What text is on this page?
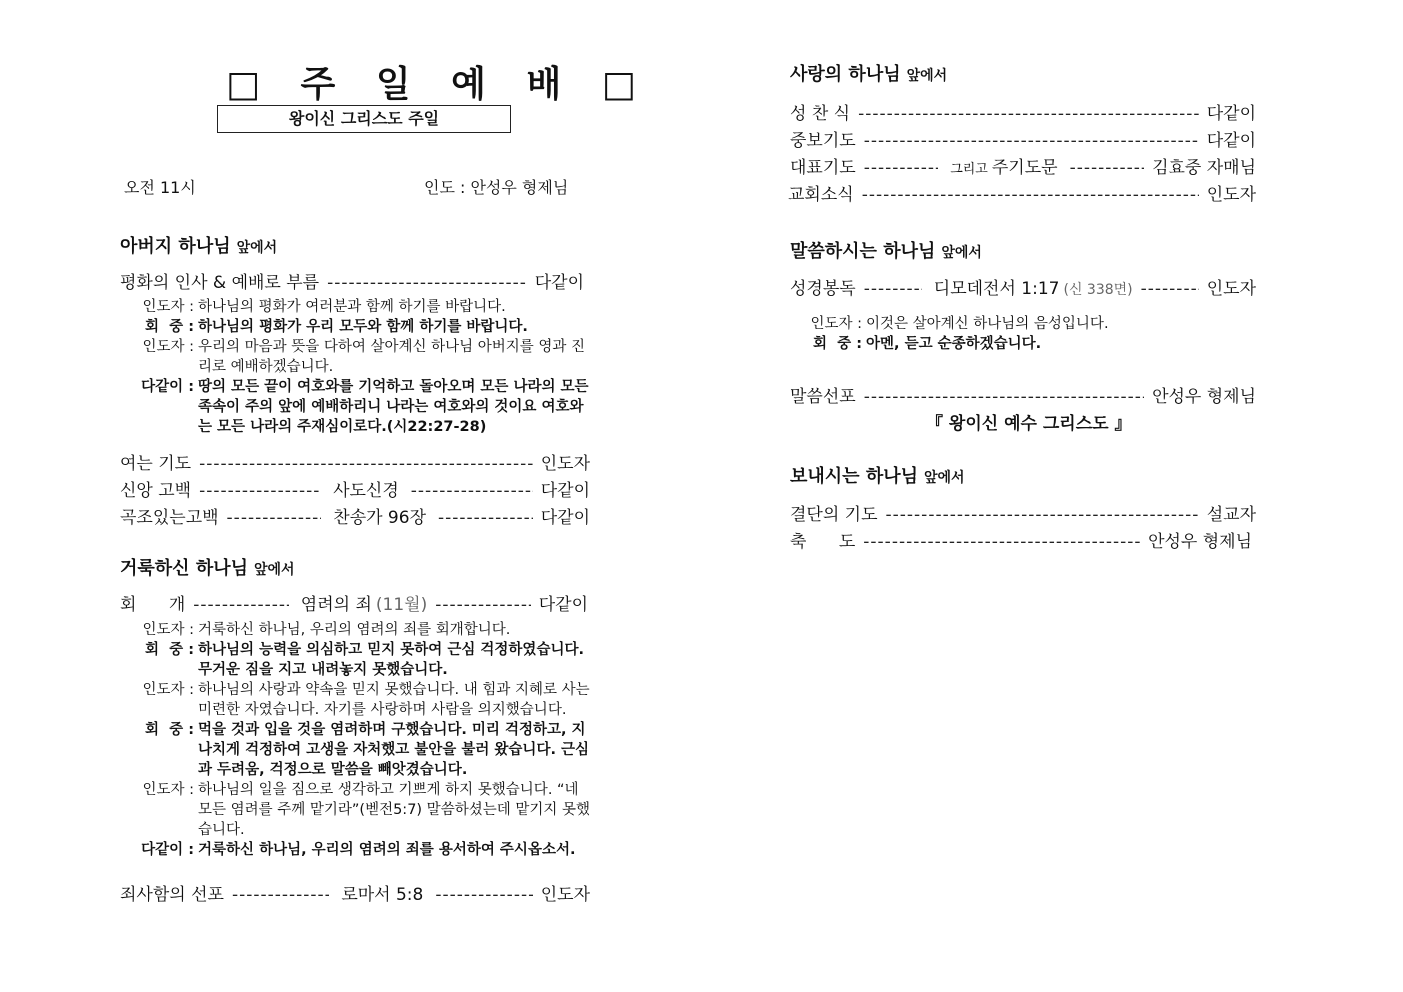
□ 주 일 예 배 □
왕이신 그리스도 주일
오전 11시	인도 : 안성우 형제님
아버지 하나님 앞에서
평화의 인사 & 예배로 부름 -----	다같이
인도자 : 하나님의 평화가 여러분과 함께 하기를 바랍니다.
회  중 : 하나님의 평화가 우리 모두와 함께 하기를 바랍니다.
인도자 : 우리의 마음과 뜻을 다하여 살아계신 하나님 아버지를 영과 진리로 예배하겠습니다.
다같이 : 땅의 모든 끝이 여호와를 기억하고 돌아오며 모든 나라의 모든 족속이 주의 앞에 예배하리니 나라는 여호와의 것이요 여호와는 모든 나라의 주재심이로다.(시22:27-28)
여는 기도 -----	인도자
신앙 고백 -----	사도신경 -----	다같이
곡조있는고백 -----	찬송가 96장 -----	다같이
거룩하신 하나님 앞에서
회      개 -----	염려의 죄 (11월) -----	다같이
인도자 : 거룩하신 하나님, 우리의 염려의 죄를 회개합니다.
회  중 : 하나님의 능력을 의심하고 믿지 못하여 근심 걱정하였습니다. 무거운 짐을 지고 내려놓지 못했습니다.
인도자 : 하나님의 사랑과 약속을 믿지 못했습니다. 내 힘과 지혜로 사는 미련한 자였습니다. 자기를 사랑하며 사람을 의지했습니다.
회  중 : 먹을 것과 입을 것을 염려하며 구했습니다. 미리 걱정하고, 지나치게 걱정하여 고생을 자처했고 불안을 불러 왔습니다. 근심과 두려움, 걱정으로 말씀을 빼앗겼습니다.
인도자 : 하나님의 일을 짐으로 생각하고 기쁘게 하지 못했습니다. “네 모든 염려를 주께 맡기라”(벧전5:7) 말씀하셨는데 맡기지 못했습니다.
다같이 : 거룩하신 하나님, 우리의 염려의 죄를 용서하여 주시옵소서.
죄사함의 선포 -----	로마서 5:8 -----	인도자
사랑의 하나님 앞에서
성 찬 식 -----	다같이
중보기도 -----	다같이
대표기도 -----	그리고 주기도문 -----	김효중 자매님
교회소식 -----	인도자
말씀하시는 하나님 앞에서
성경봉독 -----	디모데전서 1:17 (신 338면) -----	인도자
인도자 : 이것은 살아계신 하나님의 음성입니다.
회  중 : 아멘, 듣고 순종하겠습니다.
말씀선포 -----	안성우 형제님
『 왕이신 예수 그리스도 』
보내시는 하나님 앞에서
결단의 기도 -----	설교자
축      도 -----	안성우 형제님
